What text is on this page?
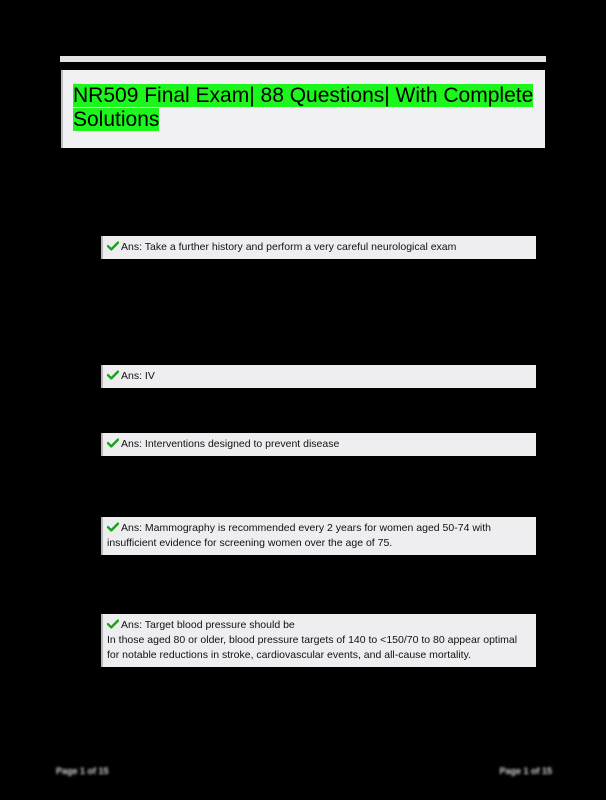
NR509 Final Exam| 88 Questions| With Complete Solutions
Ans: Take a further history and perform a very careful neurological exam
Ans: IV
Ans: Interventions designed to prevent disease
Ans: Mammography is recommended every 2 years for women aged 50-74 with
insufficient evidence for screening women over the age of 75.
Ans: Target blood pressure should be
In those aged 80 or older, blood pressure targets of 140 to <150/70 to 80 appear optimal
for notable reductions in stroke, cardiovascular events, and all-cause mortality.
Page 1 of 15	Page 1 of 15
